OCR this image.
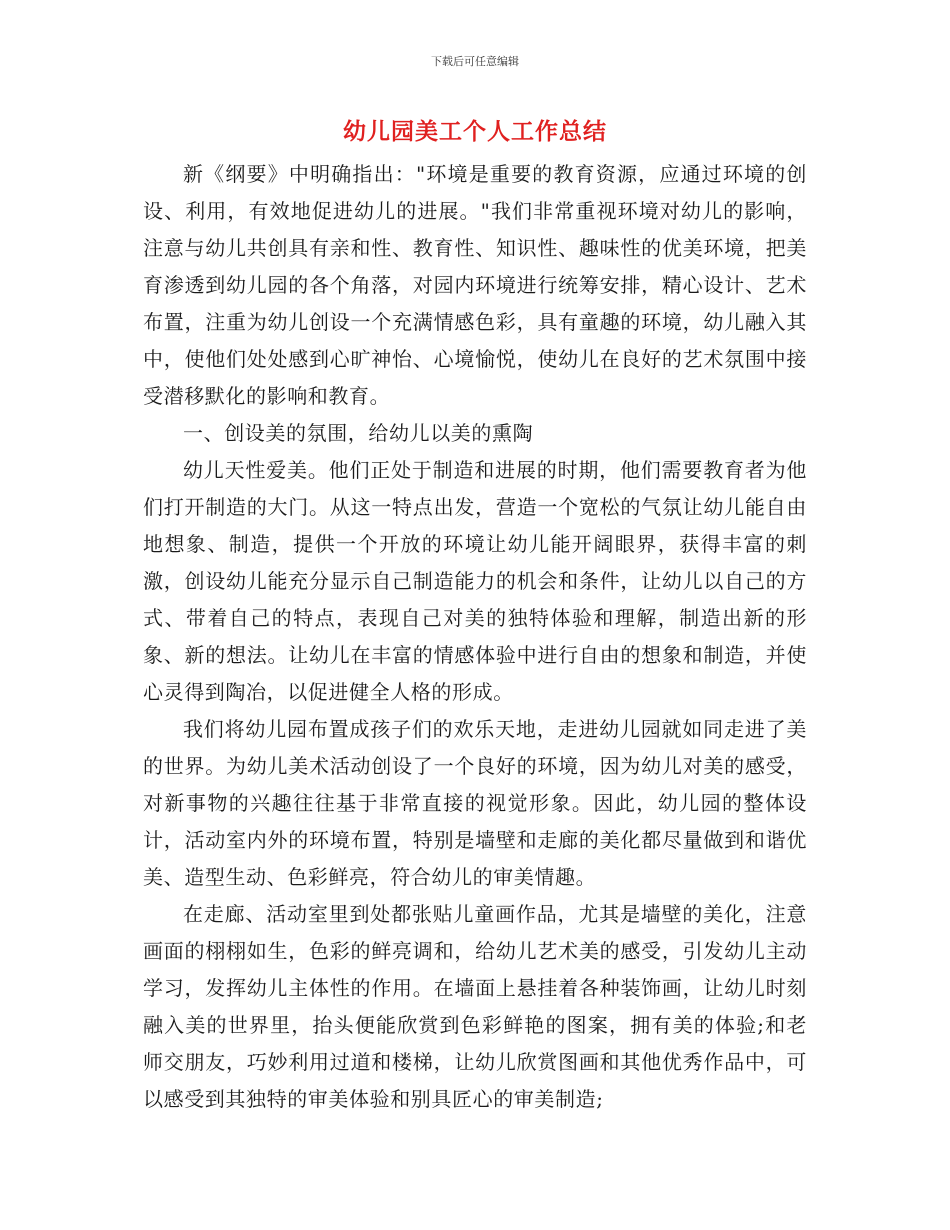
下载后可任意编辑
幼儿园美工个人工作总结

新《纲要》中明确指出："环境是重要的教育资源，应通过环境的创设、利用，有效地促进幼儿的进展。"我们非常重视环境对幼儿的影响，注意与幼儿共创具有亲和性、教育性、知识性、趣味性的优美环境，把美育渗透到幼儿园的各个角落，对园内环境进行统筹安排，精心设计、艺术布置，注重为幼儿创设一个充满情感色彩，具有童趣的环境，幼儿融入其中，使他们处处感到心旷神怡、心境愉悦，使幼儿在良好的艺术氛围中接受潜移默化的影响和教育。

一、创设美的氛围，给幼儿以美的熏陶

幼儿天性爱美。他们正处于制造和进展的时期，他们需要教育者为他们打开制造的大门。从这一特点出发，营造一个宽松的气氛让幼儿能自由地想象、制造，提供一个开放的环境让幼儿能开阔眼界，获得丰富的刺激，创设幼儿能充分显示自己制造能力的机会和条件，让幼儿以自己的方式、带着自己的特点，表现自己对美的独特体验和理解，制造出新的形象、新的想法。让幼儿在丰富的情感体验中进行自由的想象和制造，并使心灵得到陶冶，以促进健全人格的形成。

我们将幼儿园布置成孩子们的欢乐天地，走进幼儿园就如同走进了美的世界。为幼儿美术活动创设了一个良好的环境，因为幼儿对美的感受，对新事物的兴趣往往基于非常直接的视觉形象。因此，幼儿园的整体设计，活动室内外的环境布置，特别是墙壁和走廊的美化都尽量做到和谐优美、造型生动、色彩鲜亮，符合幼儿的审美情趣。

在走廊、活动室里到处都张贴儿童画作品，尤其是墙壁的美化，注意画面的栩栩如生，色彩的鲜亮调和，给幼儿艺术美的感受，引发幼儿主动学习，发挥幼儿主体性的作用。在墙面上悬挂着各种装饰画，让幼儿时刻融入美的世界里，抬头便能欣赏到色彩鲜艳的图案，拥有美的体验;和老师交朋友，巧妙利用过道和楼梯，让幼儿欣赏图画和其他优秀作品中，可以感受到其独特的审美体验和别具匠心的审美制造;
